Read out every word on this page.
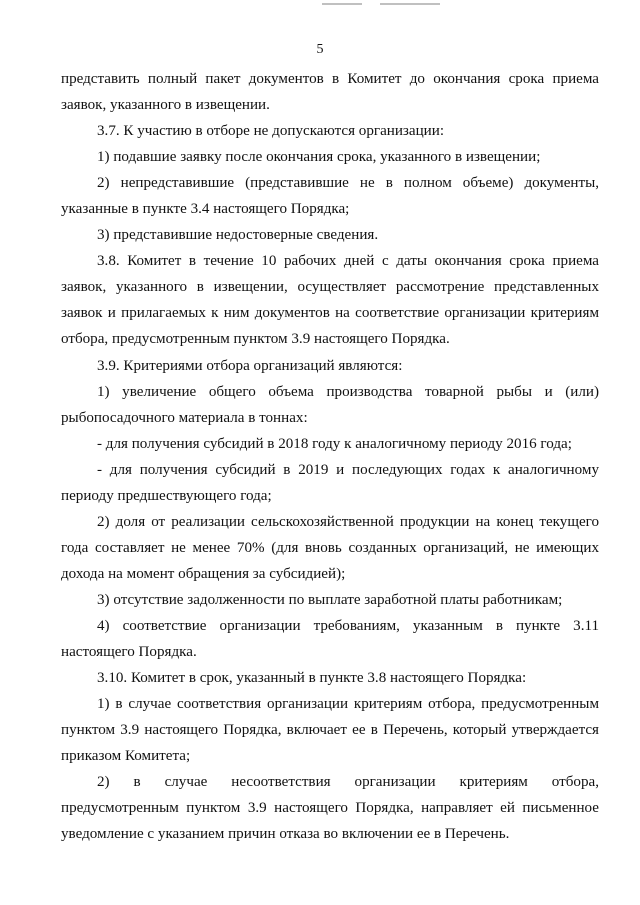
5
представить полный пакет документов в Комитет до окончания срока приема
заявок, указанного в извещении.
3.7. К участию в отборе не допускаются организации:
1) подавшие заявку после окончания срока, указанного в извещении;
2) непредставившие (представившие не в полном объеме) документы,
указанные в пункте 3.4 настоящего Порядка;
3) представившие недостоверные сведения.
3.8. Комитет в течение 10 рабочих дней с даты окончания срока приема
заявок, указанного в извещении, осуществляет рассмотрение представленных
заявок и прилагаемых к ним документов на соответствие организации критериям
отбора, предусмотренным пунктом 3.9 настоящего Порядка.
3.9. Критериями отбора организаций являются:
1) увеличение общего объема производства товарной рыбы и (или)
рыбопосадочного материала в тоннах:
- для получения субсидий в 2018 году к аналогичному периоду 2016 года;
- для получения субсидий в 2019 и последующих годах к аналогичному
периоду предшествующего года;
2) доля от реализации сельскохозяйственной продукции на конец текущего
года составляет не менее 70% (для вновь созданных организаций, не имеющих
дохода на момент обращения за субсидией);
3) отсутствие задолженности по выплате заработной платы работникам;
4) соответствие организации требованиям, указанным в пункте 3.11
настоящего Порядка.
3.10. Комитет в срок, указанный в пункте 3.8 настоящего Порядка:
1) в случае соответствия организации критериям отбора, предусмотренным
пунктом 3.9 настоящего Порядка, включает ее в Перечень, который утверждается
приказом Комитета;
2) в случае несоответствия организации критериям отбора,
предусмотренным пунктом 3.9 настоящего Порядка, направляет ей письменное
уведомление с указанием причин отказа во включении ее в Перечень.
